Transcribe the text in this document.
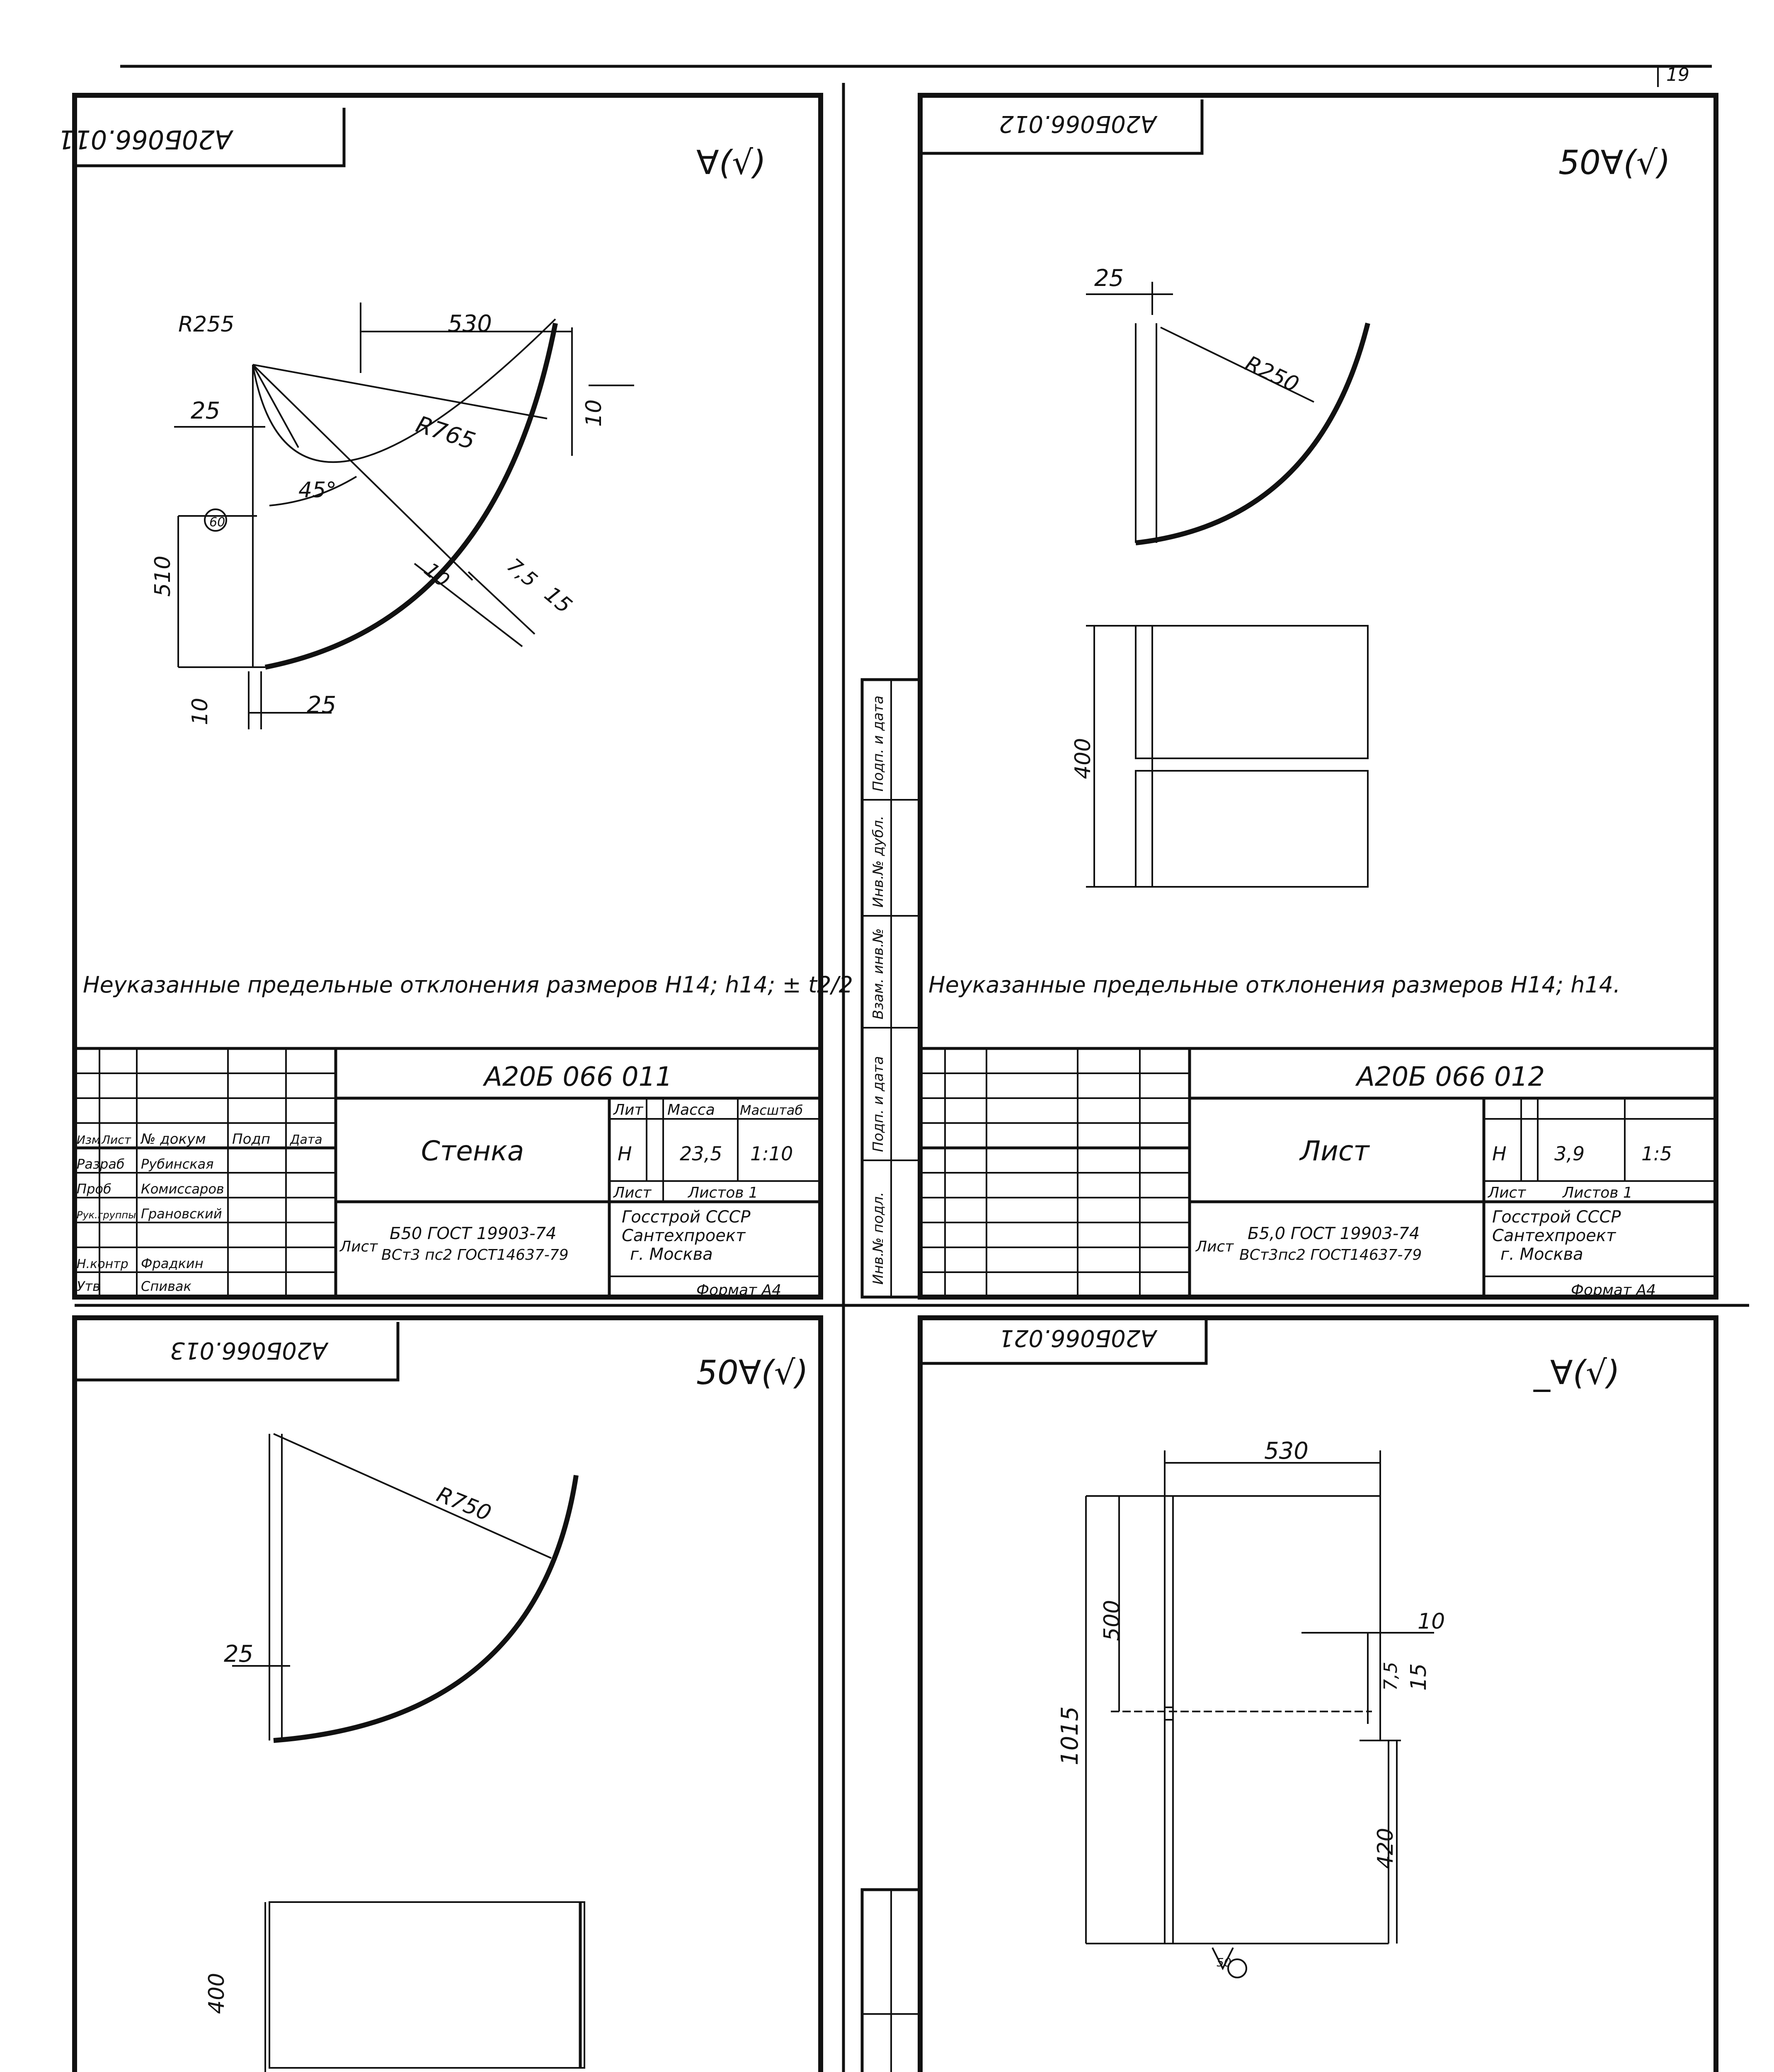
19
А20Б066.011
∀(√)
R255	530
R765
25
45°
510
10
10	25
10 7,5
15
60
Неуказанные предельные отклонения размеров Н14; h14; ± t2/2
Изм Лист № докум Подп Дата
Разраб Рубинская
Проб Комиссаров
Рук.группы Грановский
Н.контр Фрадкин
Утв	Спивак
А20Б 066 011
Стенка
Лит Масса Масштаб
Н	23,5 1:10
Лист Листов 1
Лист
Б50 ГОСТ 19903-74
ВСт3 пс2 ГОСТ14637-79
Госстрой СССР
Сантехпроект
г. Москва
Формат А4
А20Б066.012
50∀(√)
Инв.№ подл.
Подп. и дата
Взам. инв.№
Инв.№ дубл.
Подп. и дата
25
R250
400
Неуказанные предельные отклонения размеров Н14; h14.
А20Б 066 012
Лист	Н	3,9	1:5
Лист Листов 1
Лист
Б5,0 ГОСТ 19903-74
ВСт3пс2 ГОСТ14637-79
Госстрой СССР
Сантехпроект
г. Москва
Формат А4
А20Б066.013
50∀(√)
R750
25
400
А20Б066.021
_∀(√)
530
500	10
7,5 15
1015
420
50
